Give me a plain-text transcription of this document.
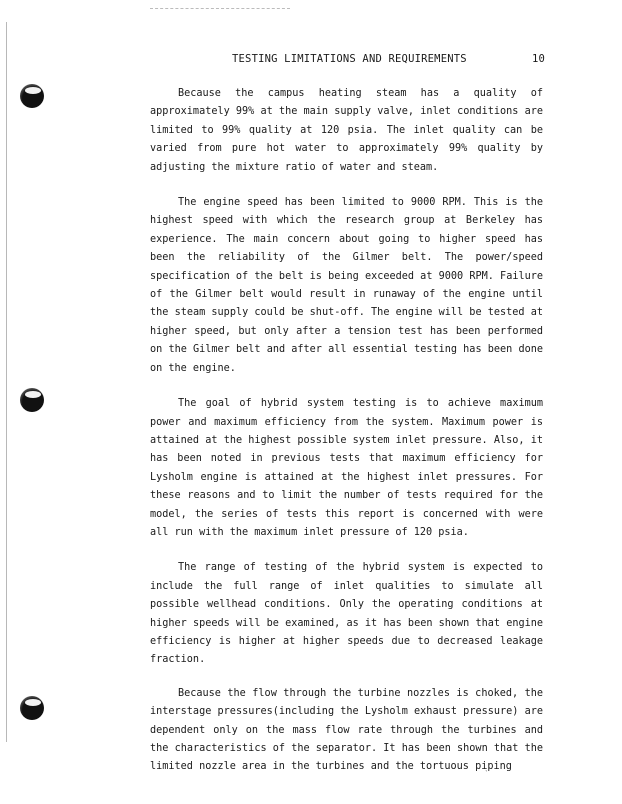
TESTING LIMITATIONS AND REQUIREMENTS	10

Because the campus heating steam has a quality of approximately 99% at the main supply valve, inlet conditions are limited to 99% quality at 120 psia. The inlet quality can be varied from pure hot water to approximately 99% quality by adjusting the mixture ratio of water and steam.

The engine speed has been limited to 9000 RPM. This is the highest speed with which the research group at Berkeley has experience. The main concern about going to higher speed has been the reliability of the Gilmer belt. The power/speed specification of the belt is being exceeded at 9000 RPM. Failure of the Gilmer belt would result in runaway of the engine until the steam supply could be shut-off. The engine will be tested at higher speed, but only after a tension test has been performed on the Gilmer belt and after all essential testing has been done on the engine.

The goal of hybrid system testing is to achieve maximum power and maximum efficiency from the system. Maximum power is attained at the highest possible system inlet pressure. Also, it has been noted in previous tests that maximum efficiency for Lysholm engine is attained at the highest inlet pressures. For these reasons and to limit the number of tests required for the model, the series of tests this report is concerned with were all run with the maximum inlet pressure of 120 psia.

The range of testing of the hybrid system is expected to include the full range of inlet qualities to simulate all possible wellhead conditions. Only the operating conditions at higher speeds will be examined, as it has been shown that engine efficiency is higher at higher speeds due to decreased leakage fraction.

Because the flow through the turbine nozzles is choked, the interstage pressures(including the Lysholm exhaust pressure) are dependent only on the mass flow rate through the turbines and the characteristics of the separator. It has been shown that the limited nozzle area in the turbines and the tortuous piping

ˋ
